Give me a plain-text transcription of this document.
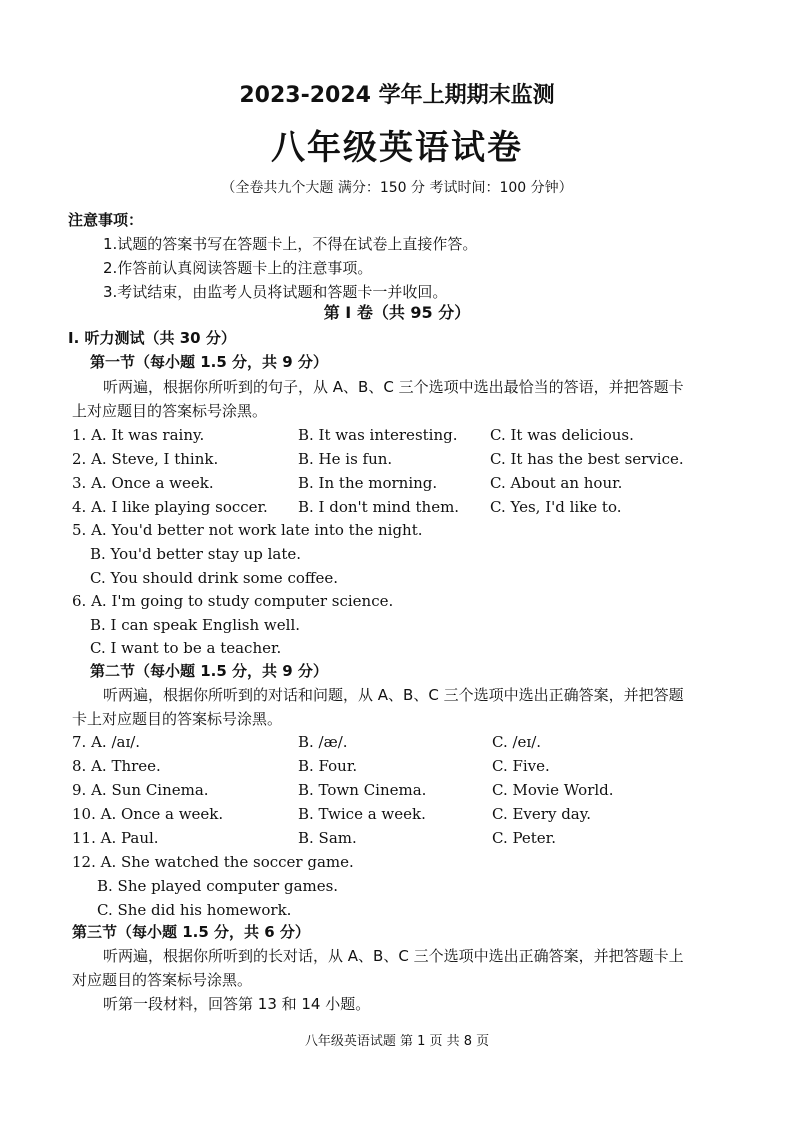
2023-2024 学年上期期末监测
八年级英语试卷
（全卷共九个大题 满分：150 分 考试时间：100 分钟）
注意事项：
1.试题的答案书写在答题卡上，不得在试卷上直接作答。
2.作答前认真阅读答题卡上的注意事项。
3.考试结束，由监考人员将试题和答题卡一并收回。
第 Ⅰ 卷（共 95 分）
I. 听力测试（共 30 分）
第一节（每小题 1.5 分，共 9 分）
听两遍，根据你所听到的句子，从 A、B、C 三个选项中选出最恰当的答语，并把答题卡
上对应题目的答案标号涂黑。
1. A. It was rainy.	B. It was interesting. C. It was delicious.
2. A. Steve, I think.	B. He is fun.	C. It has the best service.
3. A. Once a week.	B. In the morning.	C. About an hour.
4. A. I like playing soccer. B. I don't mind them. C. Yes, I'd like to.
5. A. You'd better not work late into the night.
B. You'd better stay up late.
C. You should drink some coffee.
6. A. I'm going to study computer science.
B. I can speak English well.
C. I want to be a teacher.
第二节（每小题 1.5 分，共 9 分）
听两遍，根据你所听到的对话和问题，从 A、B、C 三个选项中选出正确答案，并把答题
卡上对应题目的答案标号涂黑。
7. A. /aɪ/.	B. /æ/.	C. /eɪ/.
8. A. Three.	B. Four.	C. Five.
9. A. Sun Cinema.	B. Town Cinema.	C. Movie World.
10. A. Once a week.	B. Twice a week.	C. Every day.
11. A. Paul.	B. Sam.	C. Peter.
12. A. She watched the soccer game.
B. She played computer games.
C. She did his homework.
第三节（每小题 1.5 分，共 6 分）
听两遍，根据你所听到的长对话，从 A、B、C 三个选项中选出正确答案，并把答题卡上
对应题目的答案标号涂黑。
听第一段材料，回答第 13 和 14 小题。
八年级英语试题 第 1 页 共 8 页
